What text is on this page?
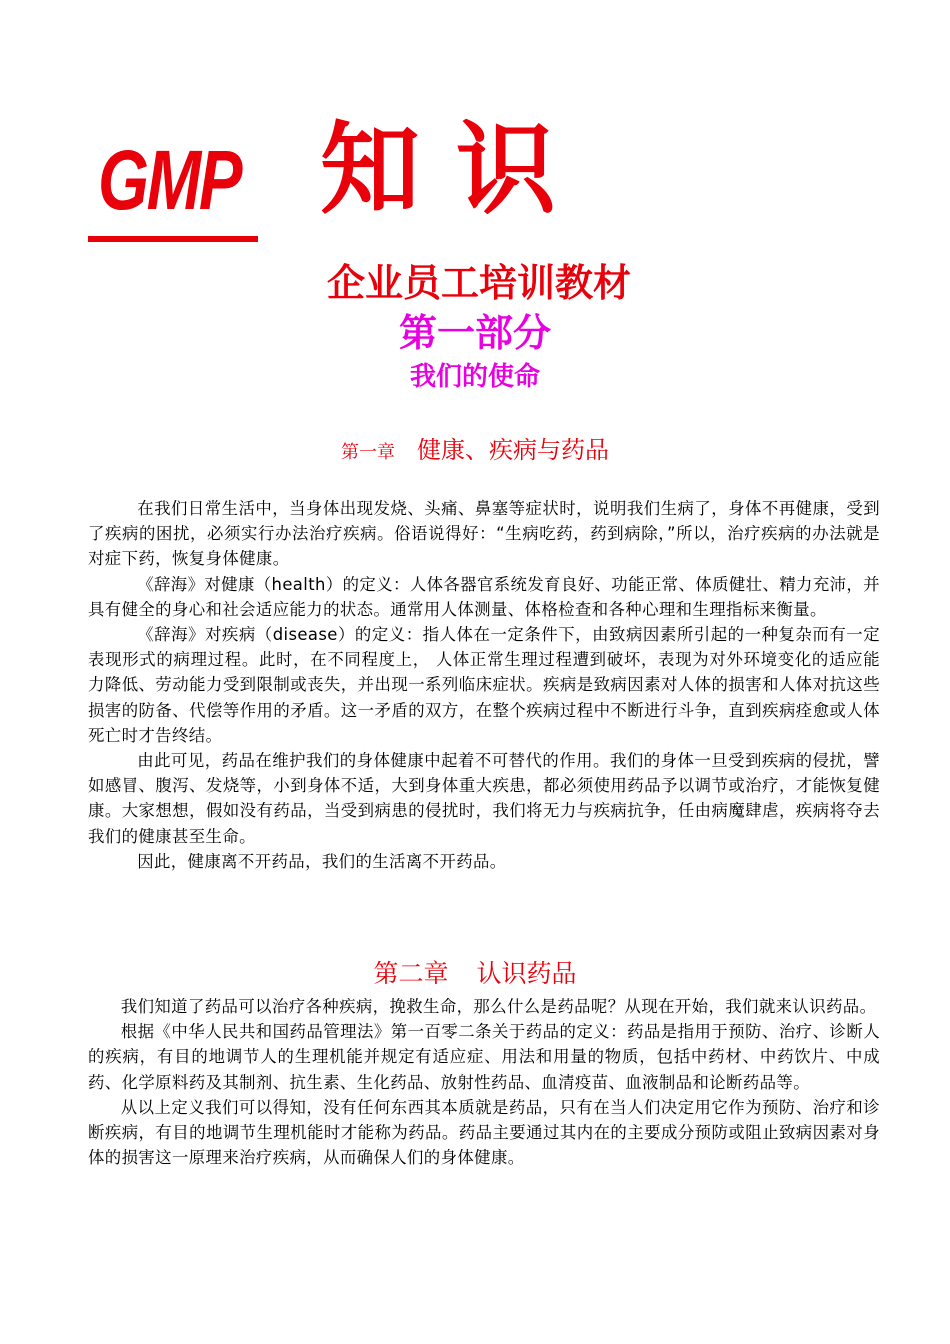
GMP 知识
企业员工培训教材
第一部分
我们的使命
第一章 健康、疾病与药品

在我们日常生活中，当身体出现发烧、头痛、鼻塞等症状时，说明我们生病了，身体不再健康，受到了疾病的困扰，必须实行办法治疗疾病。俗语说得好：“生病吃药，药到病除，”所以，治疗疾病的办法就是对症下药，恢复身体健康。

《辞海》对健康（health）的定义：人体各器官系统发育良好、功能正常、体质健壮、精力充沛，并具有健全的身心和社会适应能力的状态。通常用人体测量、体格检查和各种心理和生理指标来衡量。

《辞海》对疾病（disease）的定义：指人体在一定条件下，由致病因素所引起的一种复杂而有一定表现形式的病理过程。此时，在不同程度上， 人体正常生理过程遭到破坏，表现为对外环境变化的适应能力降低、劳动能力受到限制或丧失，并出现一系列临床症状。疾病是致病因素对人体的损害和人体对抗这些损害的防备、代偿等作用的矛盾。这一矛盾的双方，在整个疾病过程中不断进行斗争，直到疾病痊愈或人体死亡时才告终结。

由此可见，药品在维护我们的身体健康中起着不可替代的作用。我们的身体一旦受到疾病的侵扰，譬如感冒、腹泻、发烧等，小到身体不适，大到身体重大疾患，都必须使用药品予以调节或治疗，才能恢复健康。大家想想，假如没有药品，当受到病患的侵扰时，我们将无力与疾病抗争，任由病魔肆虐，疾病将夺去我们的健康甚至生命。

因此，健康离不开药品，我们的生活离不开药品。

第二章 认识药品

我们知道了药品可以治疗各种疾病，挽救生命，那么什么是药品呢？从现在开始，我们就来认识药品。

根据《中华人民共和国药品管理法》第一百零二条关于药品的定义：药品是指用于预防、治疗、诊断人的疾病，有目的地调节人的生理机能并规定有适应症、用法和用量的物质，包括中药材、中药饮片、中成药、化学原料药及其制剂、抗生素、生化药品、放射性药品、血清疫苗、血液制品和论断药品等。

从以上定义我们可以得知，没有任何东西其本质就是药品，只有在当人们决定用它作为预防、治疗和诊断疾病，有目的地调节生理机能时才能称为药品。药品主要通过其内在的主要成分预防或阻止致病因素对身体的损害这一原理来治疗疾病，从而确保人们的身体健康。
